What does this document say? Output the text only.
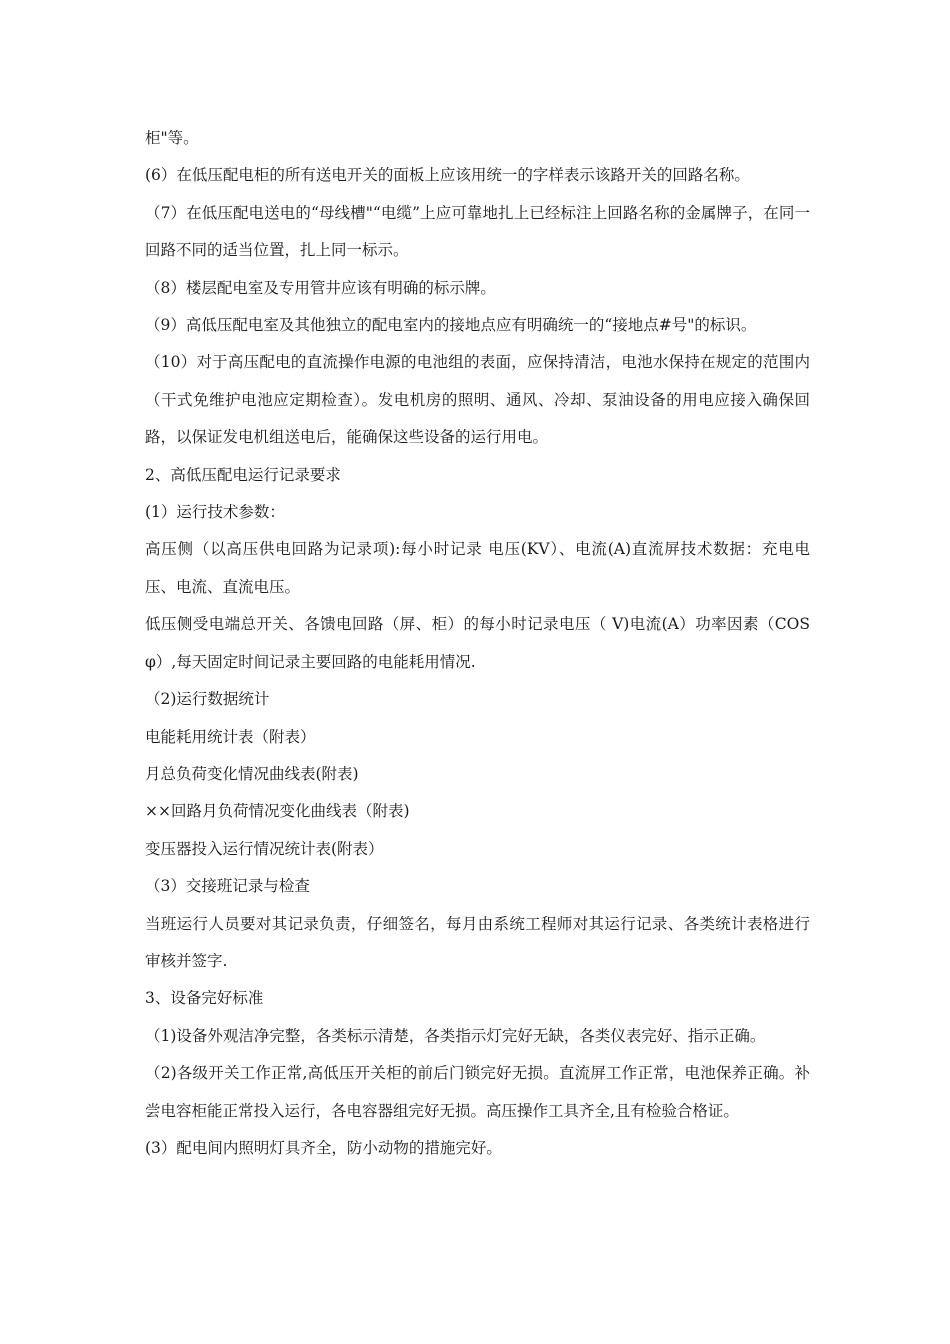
柜"等。

(6）在低压配电柜的所有送电开关的面板上应该用统一的字样表示该路开关的回路名称。

（7）在低压配电送电的“母线槽"“电缆”上应可靠地扎上已经标注上回路名称的金属牌子，在同一回路不同的适当位置，扎上同一标示。

（8）楼层配电室及专用管井应该有明确的标示牌。

（9）高低压配电室及其他独立的配电室内的接地点应有明确统一的“接地点#号"的标识。

（10）对于高压配电的直流操作电源的电池组的表面，应保持清洁，电池水保持在规定的范围内（干式免维护电池应定期检查）。发电机房的照明、通风、冷却、泵油设备的用电应接入确保回路，以保证发电机组送电后，能确保这些设备的运行用电。

2、高低压配电运行记录要求

(1）运行技术参数：

高压侧（以高压供电回路为记录项):每小时记录 电压(KV）、电流(A)直流屏技术数据：充电电压、电流、直流电压。

低压侧受电端总开关、各馈电回路（屏、柜）的每小时记录电压（ V)电流(A）功率因素（COSφ）,每天固定时间记录主要回路的电能耗用情况.

（2)运行数据统计

电能耗用统计表（附表）

月总负荷变化情况曲线表(附表)

××回路月负荷情况变化曲线表（附表)

变压器投入运行情况统计表(附表）

（3）交接班记录与检查

当班运行人员要对其记录负责，仔细签名，每月由系统工程师对其运行记录、各类统计表格进行审核并签字.

3、设备完好标准

（1)设备外观洁净完整，各类标示清楚，各类指示灯完好无缺，各类仪表完好、指示正确。

（2)各级开关工作正常,高低压开关柜的前后门锁完好无损。直流屏工作正常，电池保养正确。补尝电容柜能正常投入运行，各电容器组完好无损。高压操作工具齐全,且有检验合格证。

(3）配电间内照明灯具齐全，防小动物的措施完好。
